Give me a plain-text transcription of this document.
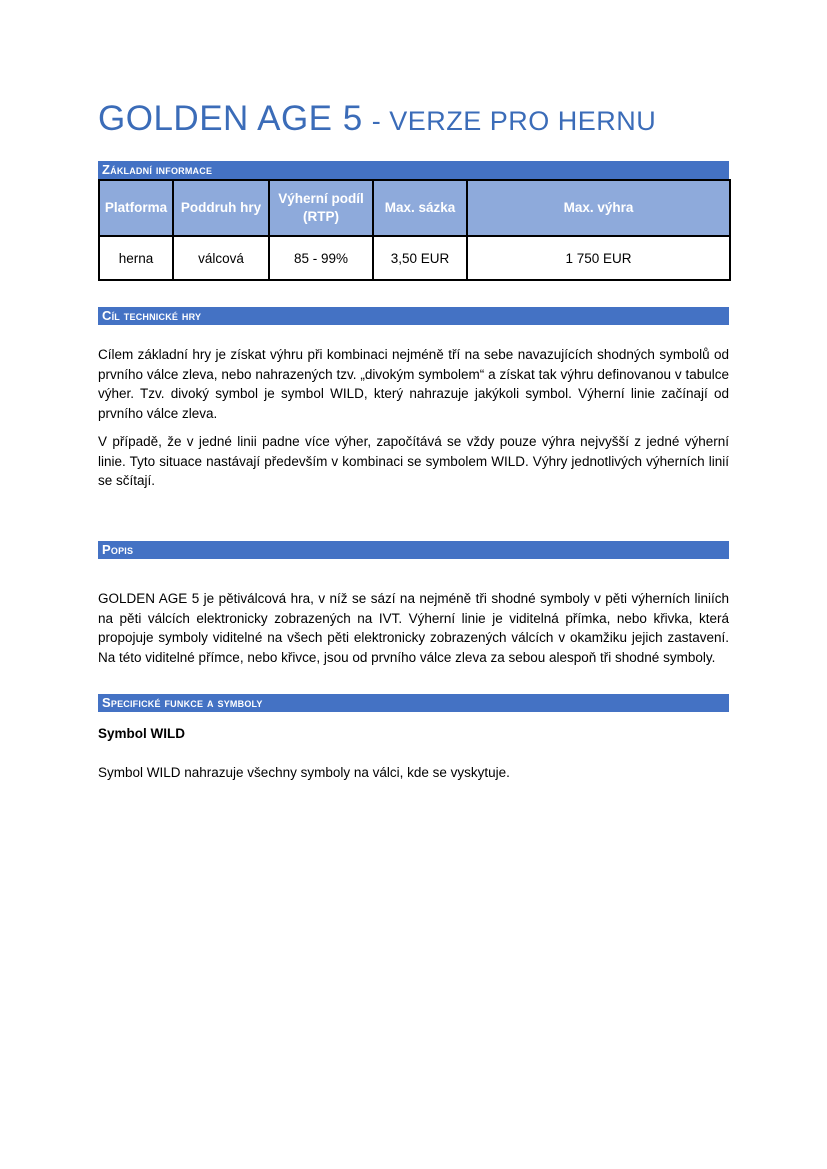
GOLDEN AGE 5 - VERZE PRO HERNU
Základní informace
Platforma	Poddruh hry	Výherní podíl (RTP)	Max. sázka	Max. výhra
herna	válcová	85 - 99%	3,50 EUR	1 750 EUR
Cíl technické hry

Cílem základní hry je získat výhru při kombinaci nejméně tří na sebe navazujících shodných symbolů od prvního válce zleva, nebo nahrazených tzv. „divokým symbolem“ a získat tak výhru definovanou v tabulce výher. Tzv. divoký symbol je symbol WILD, který nahrazuje jakýkoli symbol. Výherní linie začínají od prvního válce zleva.

V případě, že v jedné linii padne více výher, započítává se vždy pouze výhra nejvyšší z jedné výherní linie. Tyto situace nastávají především v kombinaci se symbolem WILD. Výhry jednotlivých výherních linií se sčítají.

Popis

GOLDEN AGE 5 je pětiválcová hra, v níž se sází na nejméně tři shodné symboly v pěti výherních liniích na pěti válcích elektronicky zobrazených na IVT. Výherní linie je viditelná přímka, nebo křivka, která propojuje symboly viditelné na všech pěti elektronicky zobrazených válcích v okamžiku jejich zastavení. Na této viditelné přímce, nebo křivce, jsou od prvního válce zleva za sebou alespoň tři shodné symboly.

Specifické funkce a symboly

Symbol WILD

Symbol WILD nahrazuje všechny symboly na válci, kde se vyskytuje.
